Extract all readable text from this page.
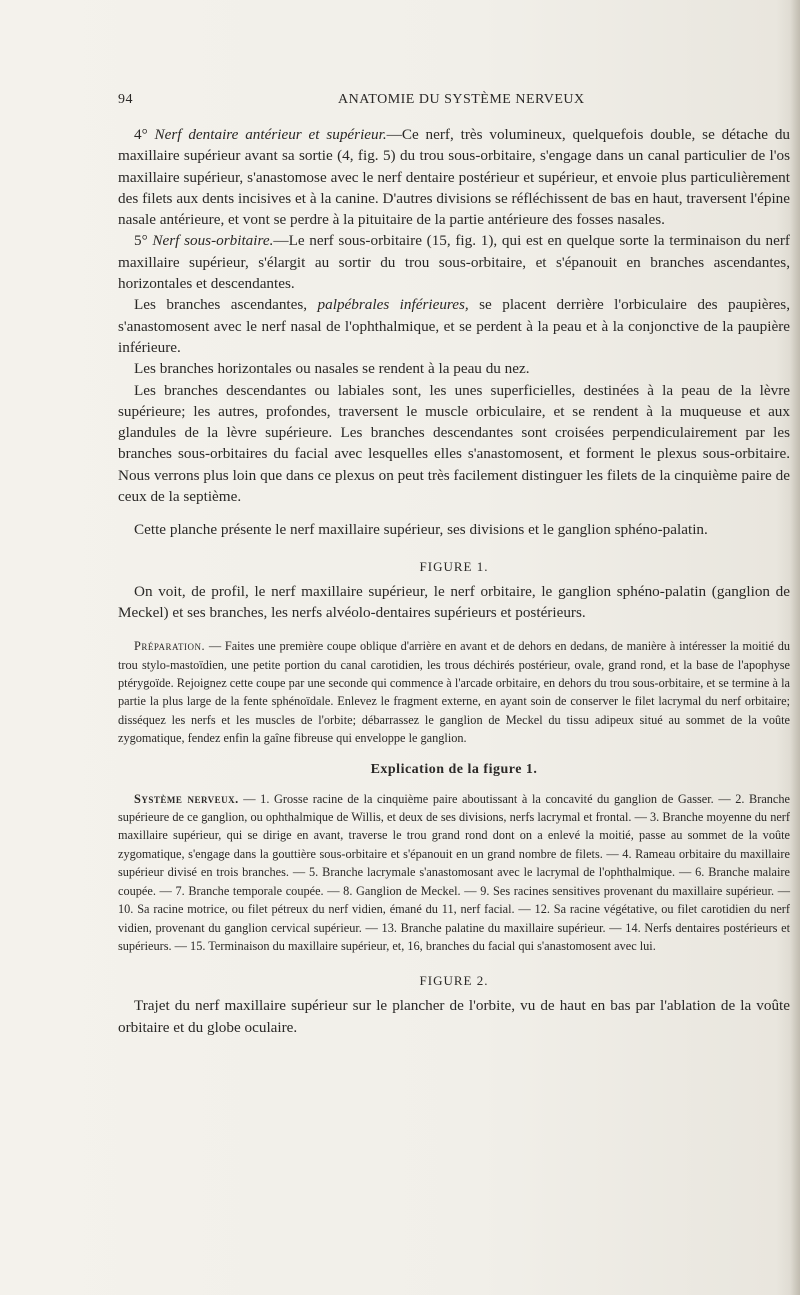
94	ANATOMIE DU SYSTÈME NERVEUX

4° Nerf dentaire antérieur et supérieur.—Ce nerf, très volumineux, quelquefois double, se détache du maxillaire supérieur avant sa sortie (4, fig. 5) du trou sous-orbitaire, s'engage dans un canal particulier de l'os maxillaire supérieur, s'anastomose avec le nerf dentaire postérieur et supérieur, et envoie plus particulièrement des filets aux dents incisives et à la canine. D'autres divisions se réfléchissent de bas en haut, traversent l'épine nasale antérieure, et vont se perdre à la pituitaire de la partie antérieure des fosses nasales.

5° Nerf sous-orbitaire.—Le nerf sous-orbitaire (15, fig. 1), qui est en quelque sorte la terminaison du nerf maxillaire supérieur, s'élargit au sortir du trou sous-orbitaire, et s'épanouit en branches ascendantes, horizontales et descendantes.

Les branches ascendantes, palpébrales inférieures, se placent derrière l'orbiculaire des paupières, s'anastomosent avec le nerf nasal de l'ophthalmique, et se perdent à la peau et à la conjonctive de la paupière inférieure.

Les branches horizontales ou nasales se rendent à la peau du nez.

Les branches descendantes ou labiales sont, les unes superficielles, destinées à la peau de la lèvre supérieure; les autres, profondes, traversent le muscle orbiculaire, et se rendent à la muqueuse et aux glandules de la lèvre supérieure. Les branches descendantes sont croisées perpendiculairement par les branches sous-orbitaires du facial avec lesquelles elles s'anastomosent, et forment le plexus sous-orbitaire. Nous verrons plus loin que dans ce plexus on peut très facilement distinguer les filets de la cinquième paire de ceux de la septième.

Cette planche présente le nerf maxillaire supérieur, ses divisions et le ganglion sphéno-palatin.

FIGURE 1.

On voit, de profil, le nerf maxillaire supérieur, le nerf orbitaire, le ganglion sphéno-palatin (ganglion de Meckel) et ses branches, les nerfs alvéolo-dentaires supérieurs et postérieurs.

Préparation. — Faites une première coupe oblique d'arrière en avant et de dehors en dedans, de manière à intéresser la moitié du trou stylo-mastoïdien, une petite portion du canal carotidien, les trous déchirés postérieur, ovale, grand rond, et la base de l'apophyse ptérygoïde. Rejoignez cette coupe par une seconde qui commence à l'arcade orbitaire, en dehors du trou sous-orbitaire, et se termine à la partie la plus large de la fente sphénoïdale. Enlevez le fragment externe, en ayant soin de conserver le filet lacrymal du nerf orbitaire; disséquez les nerfs et les muscles de l'orbite; débarrassez le ganglion de Meckel du tissu adipeux situé au sommet de la voûte zygomatique, fendez enfin la gaîne fibreuse qui enveloppe le ganglion.

Explication de la figure 1.

Système nerveux. — 1. Grosse racine de la cinquième paire aboutissant à la concavité du ganglion de Gasser. — 2. Branche supérieure de ce ganglion, ou ophthalmique de Willis, et deux de ses divisions, nerfs lacrymal et frontal. — 3. Branche moyenne du nerf maxillaire supérieur, qui se dirige en avant, traverse le trou grand rond dont on a enlevé la moitié, passe au sommet de la voûte zygomatique, s'engage dans la gouttière sous-orbitaire et s'épanouit en un grand nombre de filets. — 4. Rameau orbitaire du maxillaire supérieur divisé en trois branches. — 5. Branche lacrymale s'anastomosant avec le lacrymal de l'ophthalmique. — 6. Branche malaire coupée. — 7. Branche temporale coupée. — 8. Ganglion de Meckel. — 9. Ses racines sensitives provenant du maxillaire supérieur. — 10. Sa racine motrice, ou filet pétreux du nerf vidien, émané du 11, nerf facial. — 12. Sa racine végétative, ou filet carotidien du nerf vidien, provenant du ganglion cervical supérieur. — 13. Branche palatine du maxillaire supérieur. — 14. Nerfs dentaires postérieurs et supérieurs. — 15. Terminaison du maxillaire supérieur, et, 16, branches du facial qui s'anastomosent avec lui.

FIGURE 2.

Trajet du nerf maxillaire supérieur sur le plancher de l'orbite, vu de haut en bas par l'ablation de la voûte orbitaire et du globe oculaire.
